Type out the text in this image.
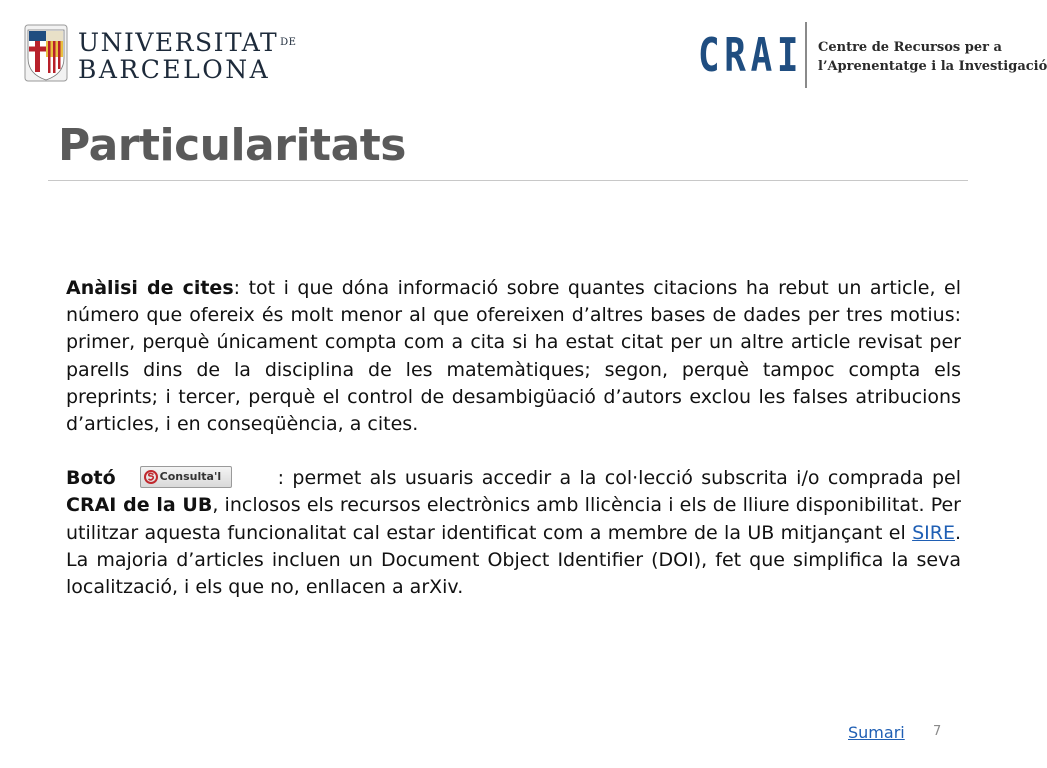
UNIVERSITAT $^{DE}$
BARCELONA	CRAI Centre de Recursos per a
l’Aprenentatge i la Investigació
Particularitats

Anàlisi de cites: tot i que dóna informació sobre quantes citacions ha rebut un article, el número que ofereix és molt menor al que ofereixen d’altres bases de dades per tres motius: primer, perquè únicament compta com a cita si ha estat citat per un altre article revisat per parells dins de la disciplina de les matemàtiques; segon, perquè tampoc compta els preprints; i tercer, perquè el control de desambigüació d’autors exclou les falses atribucions d’articles, i en conseqüència, a cites.

Botó	Consulta'l	: permet als usuaris accedir a la col·lecció subscrita i/o comprada pel CRAI de la UB, inclosos els recursos electrònics amb llicència i els de lliure disponibilitat. Per utilitzar aquesta funcionalitat cal estar identificat com a membre de la UB mitjançant el SIRE. La majoria d’articles incluen un Document Object Identifier (DOI), fet que simplifica la seva localització, i els que no, enllacen a arXiv.

Sumari 7
